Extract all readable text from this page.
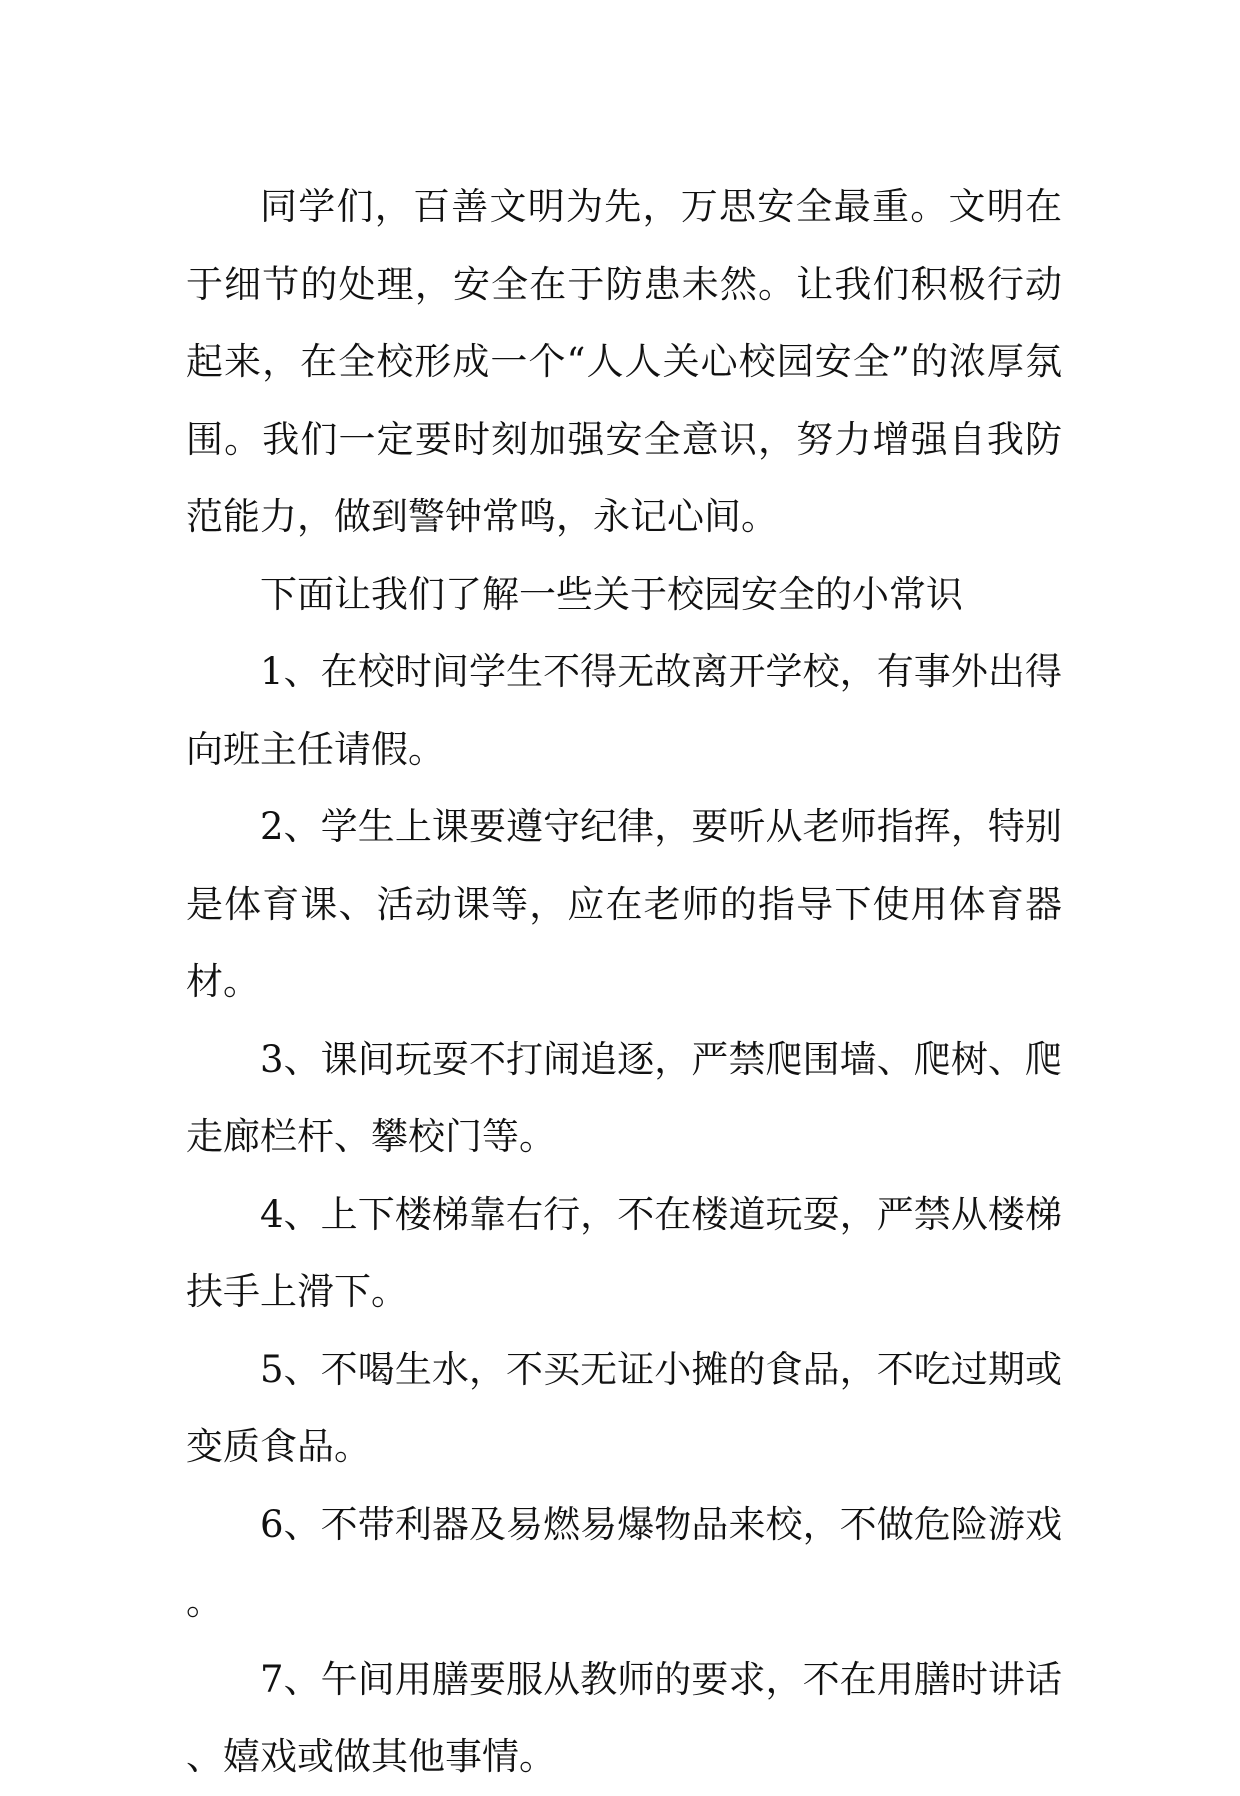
同学们，百善文明为先，万思安全最重。文明在于细节的处理，安全在于防患未然。让我们积极行动起来，在全校形成一个“人人关心校园安全”的浓厚氛围。我们一定要时刻加强安全意识，努力增强自我防范能力，做到警钟常鸣，永记心间。

下面让我们了解一些关于校园安全的小常识

1、在校时间学生不得无故离开学校，有事外出得向班主任请假。

2、学生上课要遵守纪律，要听从老师指挥，特别是体育课、活动课等，应在老师的指导下使用体育器材。

3、课间玩耍不打闹追逐，严禁爬围墙、爬树、爬走廊栏杆、攀校门等。

4、上下楼梯靠右行，不在楼道玩耍，严禁从楼梯扶手上滑下。

5、不喝生水，不买无证小摊的食品，不吃过期或变质食品。

6、不带利器及易燃易爆物品来校，不做危险游戏。

7、午间用膳要服从教师的要求，不在用膳时讲话、嬉戏或做其他事情。
